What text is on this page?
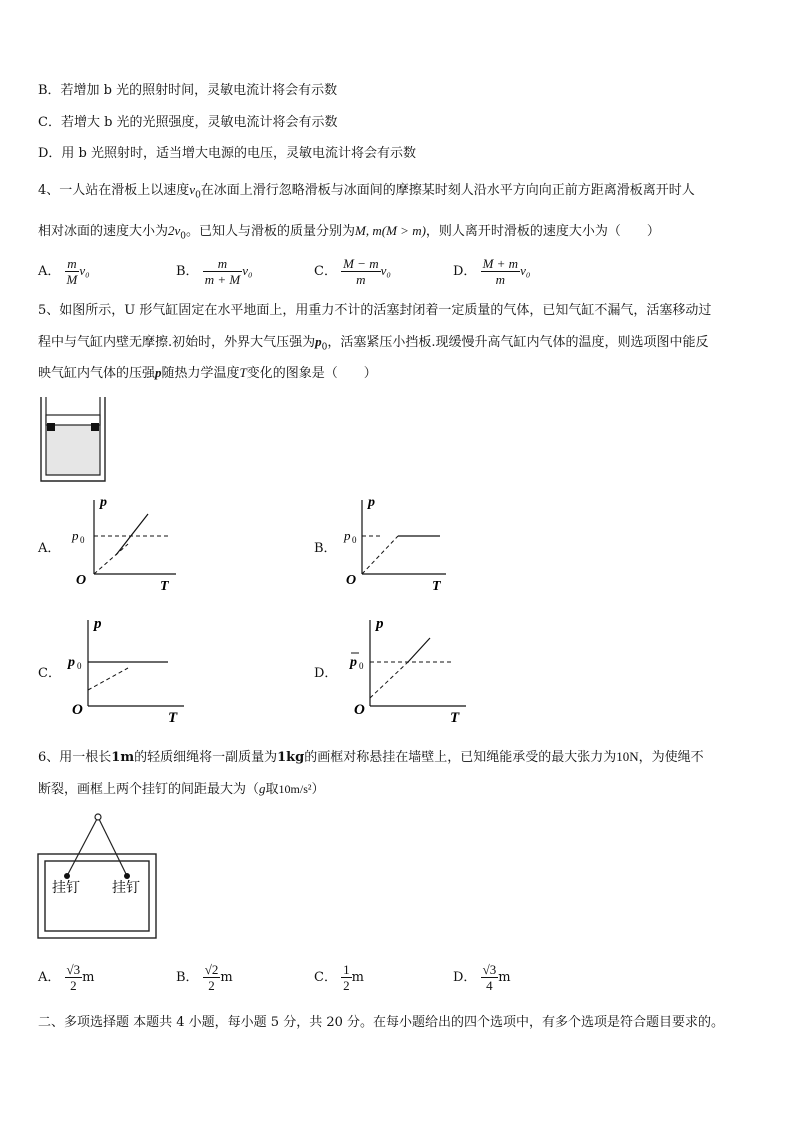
B．若增加 b 光的照射时间，灵敏电流计将会有示数
C．若增大 b 光的光照强度，灵敏电流计将会有示数
D．用 b 光照射时，适当增大电源的电压，灵敏电流计将会有示数
4、一人站在滑板上以速度$v_0$在冰面上滑行忽略滑板与冰面间的摩擦某时刻人沿水平方向向正前方距离滑板离开时人
相对冰面的速度大小为$2v_0$。已知人与滑板的质量分别为M, m(M > m)，则人离开时滑板的速度大小为（　　）
A． $\frac{m}{M} v_0$	B． $\frac{m}{m + M} v_0$	C． $\frac{M - m}{m} v_0$	D． $\frac{M + m}{m} v_0$
5、如图所示，U 形气缸固定在水平地面上，用重力不计的活塞封闭着一定质量的气体，已知气缸不漏气，活塞移动过
程中与气缸内壁无摩擦.初始时，外界大气压强为$p_0$，活塞紧压小挡板.现缓慢升高气缸内气体的温度，则选项图中能反
映气缸内气体的压强p随热力学温度T变化的图象是（　　）
A．
p
p 0
O	T
B．
p
p 0
O	T
C．
p
p 0
O	T
D．
p
p 0
O	T
6、用一根长1m的轻质细绳将一副质量为1kg的画框对称悬挂在墙壁上，已知绳能承受的最大张力为10N，为使绳不
断裂，画框上两个挂钉的间距最大为（g取10m/s²）
挂钉 挂钉
A． $\frac{√3}{2}$ m	B． $\frac{√2}{2}$ m	C． $\frac{1}{2}$ m	D． $\frac{√3}{4}$ m
二、多项选择题 本题共 4 小题，每小题 5 分，共 20 分。在每小题给出的四个选项中，有多个选项是符合题目要求的。
